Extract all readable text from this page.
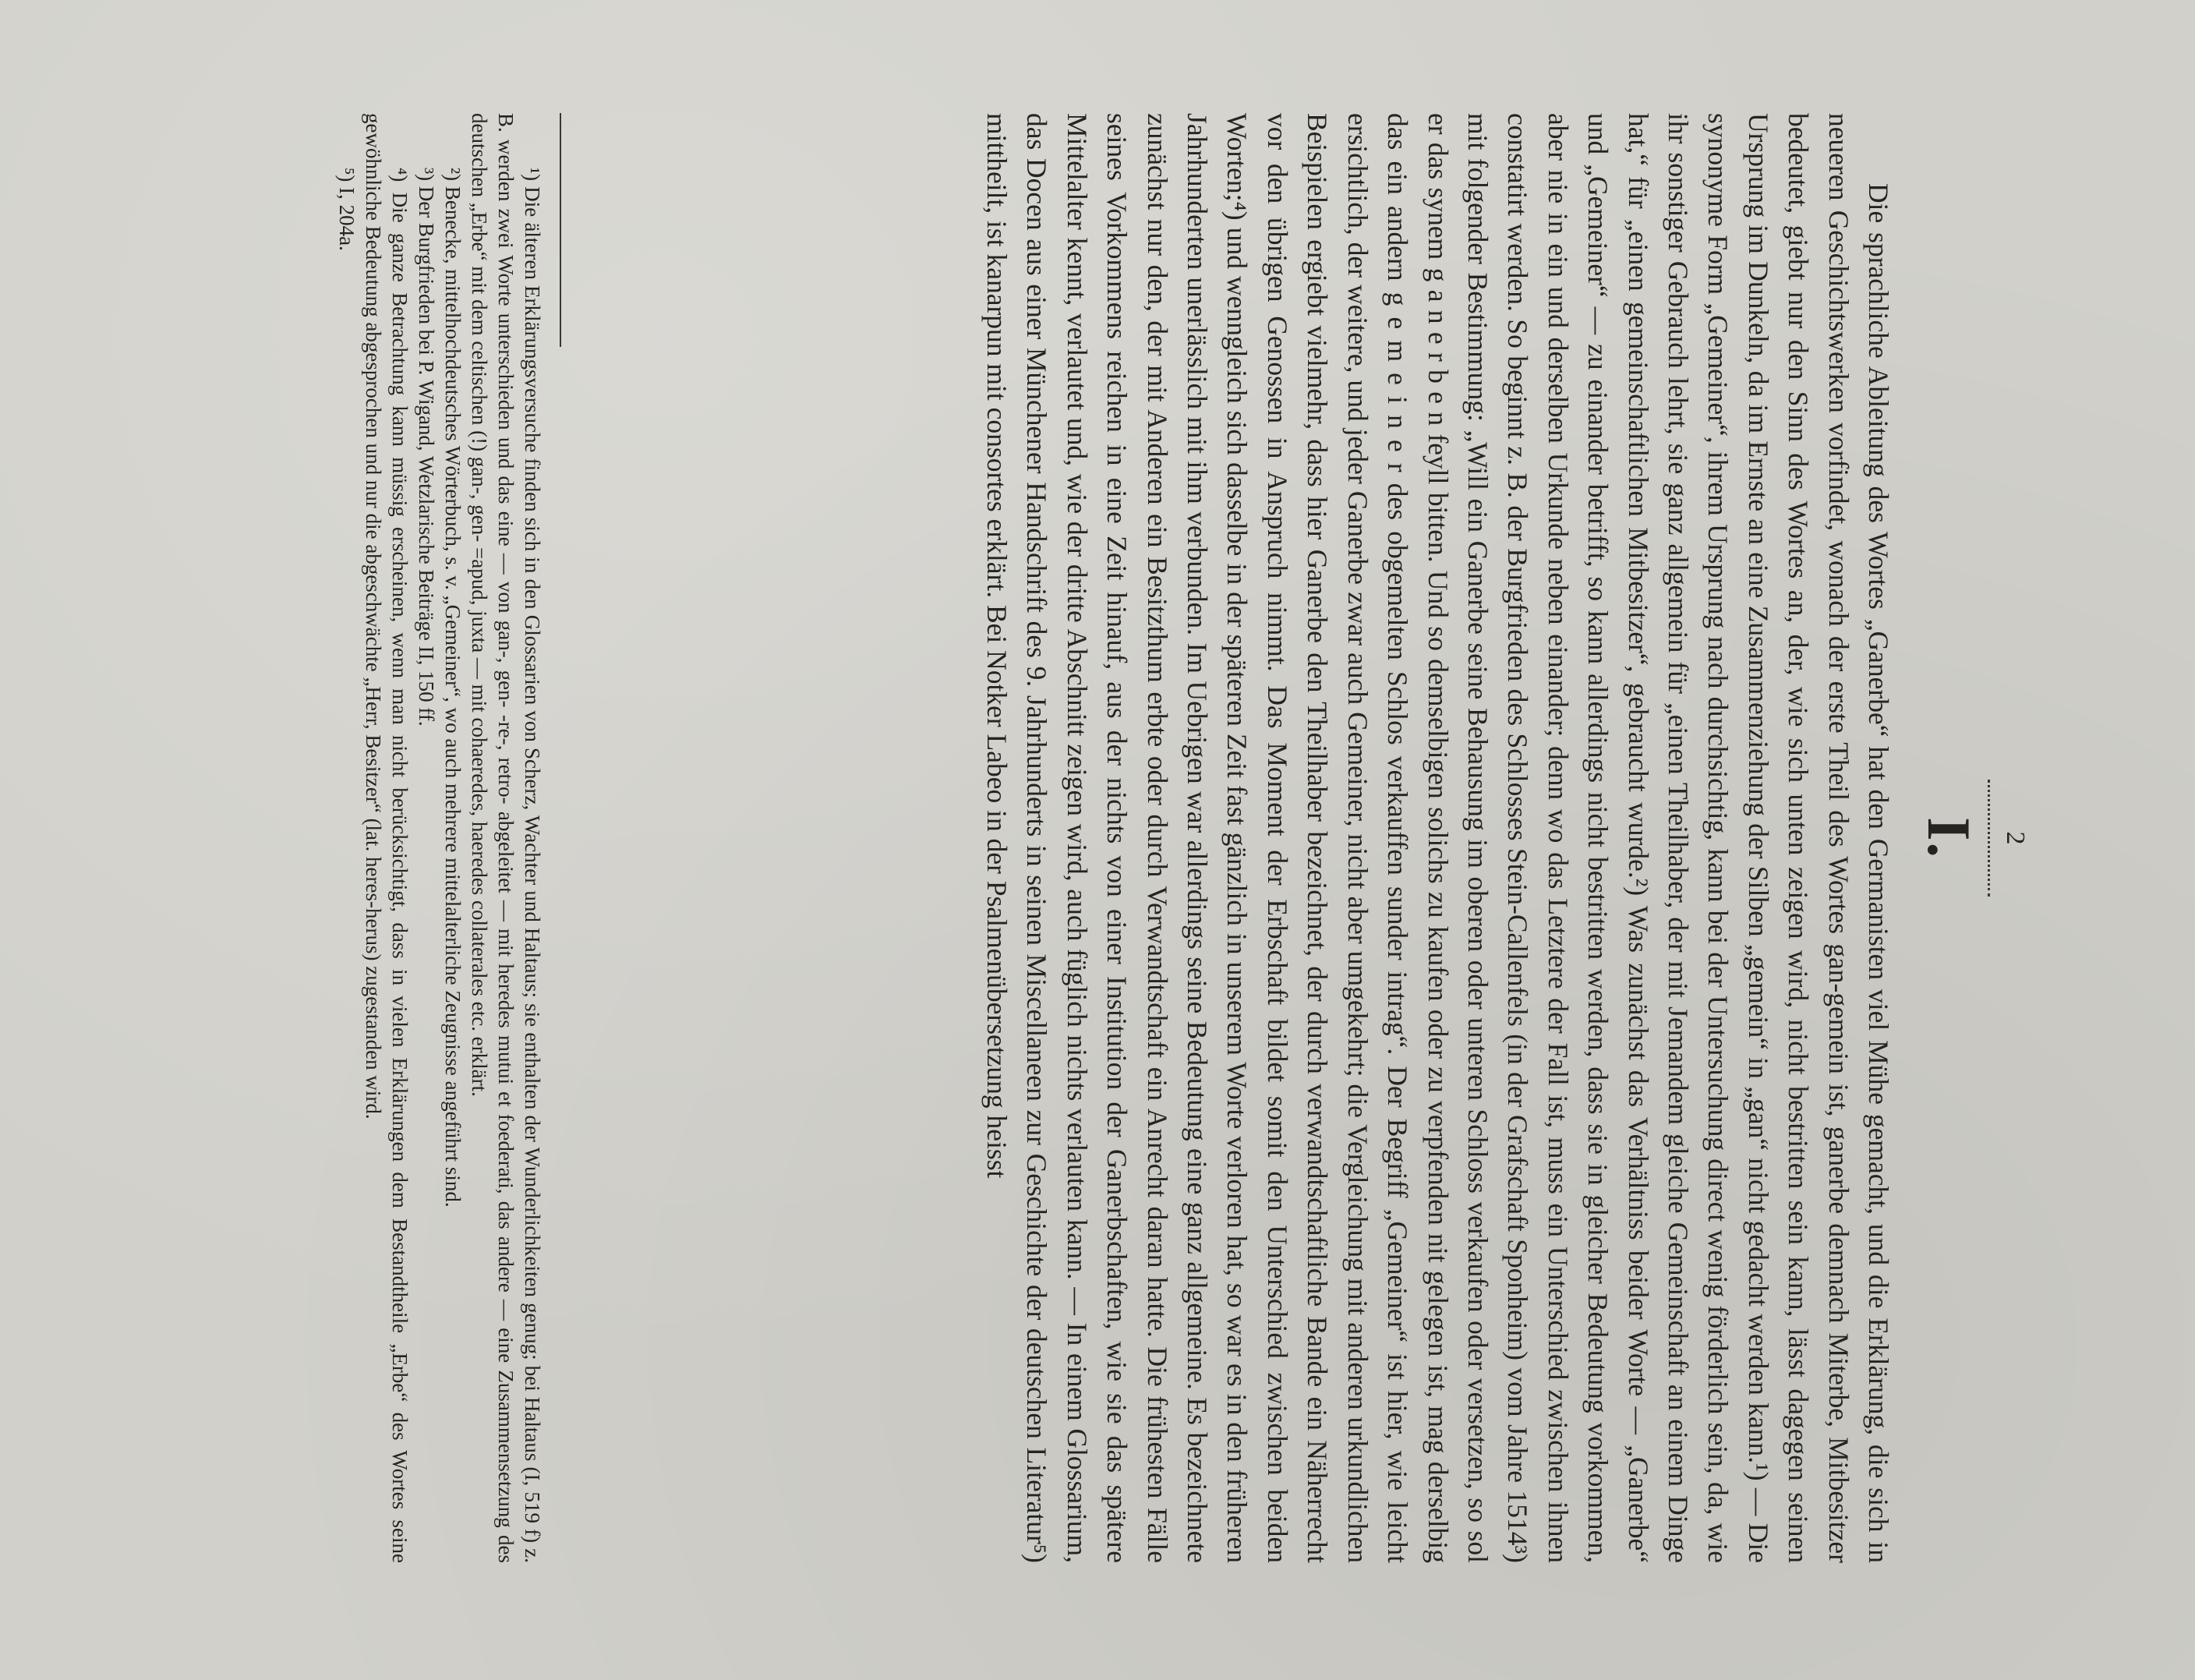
2
I.

Die sprachliche Ableitung des Wortes „Ganerbe“ hat den Germanisten viel Mühe gemacht, und die Erklärung, die sich in neueren Geschichtswerken vorfindet, wonach der erste Theil des Wortes gan-gemein ist, ganerbe demnach Miterbe, Mitbesitzer bedeutet, giebt nur den Sinn des Wortes an, der, wie sich unten zeigen wird, nicht bestritten sein kann, lässt dagegen seinen Ursprung im Dunkeln, da im Ernste an eine Zusammenziehung der Silben „gemein“ in „gan“ nicht gedacht werden kann.¹) — Die synonyme Form „Gemeiner“, ihrem Ursprung nach durchsichtig, kann bei der Untersuchung direct wenig förderlich sein, da, wie ihr sonstiger Gebrauch lehrt, sie ganz allgemein für „einen Theilhaber, der mit Jemandem gleiche Gemeinschaft an einem Dinge hat,“ für „einen gemeinschaftlichen Mitbesitzer“, gebraucht wurde.²) Was zunächst das Verhältniss beider Worte — „Ganerbe“ und „Gemeiner“ — zu einander betrifft, so kann allerdings nicht bestritten werden, dass sie in gleicher Bedeutung vorkommen, aber nie in ein und derselben Urkunde neben einander; denn wo das Letztere der Fall ist, muss ein Unterschied zwischen ihnen constatirt werden. So beginnt z. B. der Burgfrieden des Schlosses Stein-Callenfels (in der Grafschaft Sponheim) vom Jahre 1514³) mit folgender Bestimmung: „Will ein Ganerbe seine Behausung im oberen oder unteren Schloss verkaufen oder versetzen, so sol er das synem g a n e r b e n feyll bitten. Und so demselbigen solichs zu kaufen oder zu verpfenden nit gelegen ist, mag derselbig das ein andern g e m e i n e r des obgemelten Schlos verkauffen sunder intrag“. Der Begriff „Gemeiner“ ist hier, wie leicht ersichtlich, der weitere, und jeder Ganerbe zwar auch Gemeiner, nicht aber umgekehrt; die Vergleichung mit anderen urkundlichen Beispielen ergiebt vielmehr, dass hier Ganerbe den Theilhaber bezeichnet, der durch verwandtschaftliche Bande ein Näherrecht vor den übrigen Genossen in Anspruch nimmt. Das Moment der Erbschaft bildet somit den Unterschied zwischen beiden Worten;⁴) und wenngleich sich dasselbe in der späteren Zeit fast gänzlich in unserem Worte verloren hat, so war es in den früheren Jahrhunderten unerlässlich mit ihm verbunden. Im Uebrigen war allerdings seine Bedeutung eine ganz allgemeine. Es bezeichnete zunächst nur den, der mit Anderen ein Besitzthum erbte oder durch Verwandtschaft ein Anrecht daran hatte. Die frühesten Fälle seines Vorkommens reichen in eine Zeit hinauf, aus der nichts von einer Institution der Ganerbschaften, wie sie das spätere Mittelalter kennt, verlautet und, wie der dritte Abschnitt zeigen wird, auch füglich nichts verlauten kann. — In einem Glossarium, das Docen aus einer Münchener Handschrift des 9. Jahrhunderts in seinen Miscellaneen zur Geschichte der deutschen Literatur⁵) mittheilt, ist kanarpun mit consortes erklärt. Bei Notker Labeo in der Psalmenübersetzung heisst

¹) Die älteren Erklärungsversuche finden sich in den Glossarien von Scherz, Wachter und Haltaus; sie enthalten der Wunderlichkeiten genug; bei Haltaus (I, 519 f) z. B. werden zwei Worte unterschieden und das eine — von gan-, gen- -re-, retro- abgeleitet — mit heredes mutui et foederati, das andere — eine Zusammensetzung des deutschen „Erbe“ mit dem celtischen (!) gan-, gen- =apud, juxta — mit cohaeredes, haeredes collaterales etc. erklärt.

²) Benecke, mittelhochdeutsches Wörterbuch, s. v. „Gemeiner“, wo auch mehrere mittelalterliche Zeugnisse angeführt sind.

³) Der Burgfrieden bei P. Wigand, Wetzlarische Beiträge II, 150 ff.

⁴) Die ganze Betrachtung kann müssig erscheinen, wenn man nicht berücksichtigt, dass in vielen Erklärungen dem Bestandtheile „Erbe“ des Wortes seine gewöhnliche Bedeutung abgesprochen und nur die abgeschwächte „Herr, Besitzer“ (lat. heres-herus) zugestanden wird.

⁵) I, 204a.
